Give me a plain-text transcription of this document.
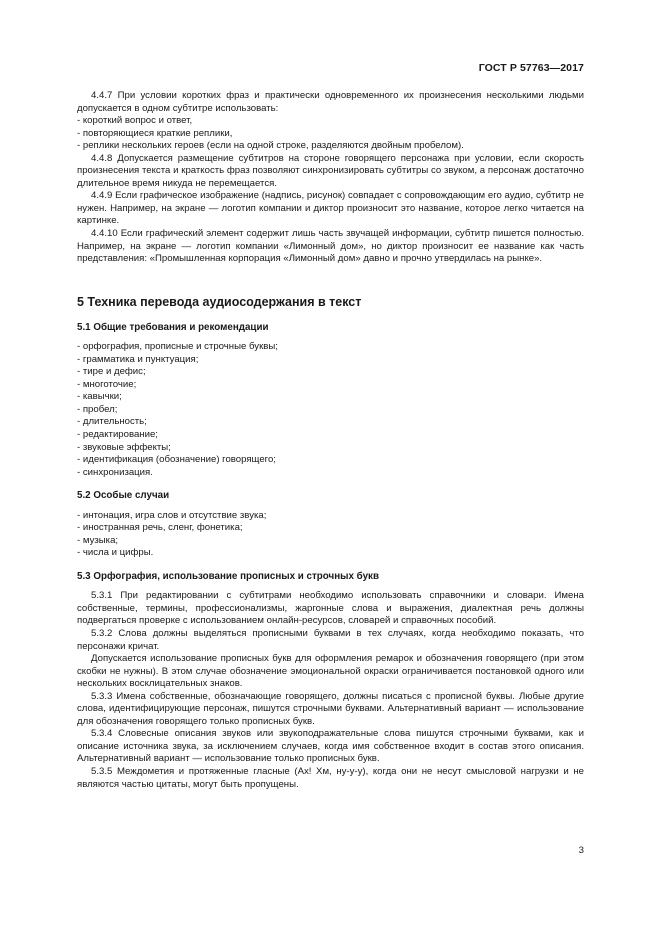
ГОСТ Р 57763—2017

4.4.7 При условии коротких фраз и практически одновременного их произнесения несколькими людьми допускается в одном субтитре использовать:

- короткий вопрос и ответ,

- повторяющиеся краткие реплики,

- реплики нескольких героев (если на одной строке, разделяются двойным пробелом).

4.4.8 Допускается размещение субтитров на стороне говорящего персонажа при условии, если скорость произнесения текста и краткость фраз позволяют синхронизировать субтитры со звуком, а персонаж достаточно длительное время никуда не перемещается.

4.4.9 Если графическое изображение (надпись, рисунок) совпадает с сопровождающим его аудио, субтитр не нужен. Например, на экране — логотип компании и диктор произносит это название, которое легко читается на картинке.

4.4.10 Если графический элемент содержит лишь часть звучащей информации, субтитр пишется полностью. Например, на экране — логотип компании «Лимонный дом», но диктор произносит ее название как часть представления: «Промышленная корпорация «Лимонный дом» давно и прочно утвердилась на рынке».

5 Техника перевода аудиосодержания в текст
5.1 Общие требования и рекомендации

- орфография, прописные и строчные буквы;

- грамматика и пунктуация;

- тире и дефис;

- многоточие;

- кавычки;

- пробел;

- длительность;

- редактирование;

- звуковые эффекты;

- идентификация (обозначение) говорящего;

- синхронизация.

5.2 Особые случаи

- интонация, игра слов и отсутствие звука;

- иностранная речь, сленг, фонетика;

- музыка;

- числа и цифры.

5.3 Орфография, использование прописных и строчных букв

5.3.1 При редактировании с субтитрами необходимо использовать справочники и словари. Имена собственные, термины, профессионализмы, жаргонные слова и выражения, диалектная речь должны подвергаться проверке с использованием онлайн-ресурсов, словарей и справочных пособий.

5.3.2 Слова должны выделяться прописными буквами в тех случаях, когда необходимо показать, что персонажи кричат.

Допускается использование прописных букв для оформления ремарок и обозначения говорящего (при этом скобки не нужны). В этом случае обозначение эмоциональной окраски ограничивается постановкой одного или нескольких восклицательных знаков.

5.3.3 Имена собственные, обозначающие говорящего, должны писаться с прописной буквы. Любые другие слова, идентифицирующие персонаж, пишутся строчными буквами. Альтернативный вариант — использование для обозначения говорящего только прописных букв.

5.3.4 Словесные описания звуков или звукоподражательные слова пишутся строчными буквами, как и описание источника звука, за исключением случаев, когда имя собственное входит в состав этого описания. Альтернативный вариант — использование только прописных букв.

5.3.5 Междометия и протяженные гласные (Ах! Хм, ну-у-у), когда они не несут смысловой нагрузки и не являются частью цитаты, могут быть пропущены.

3
